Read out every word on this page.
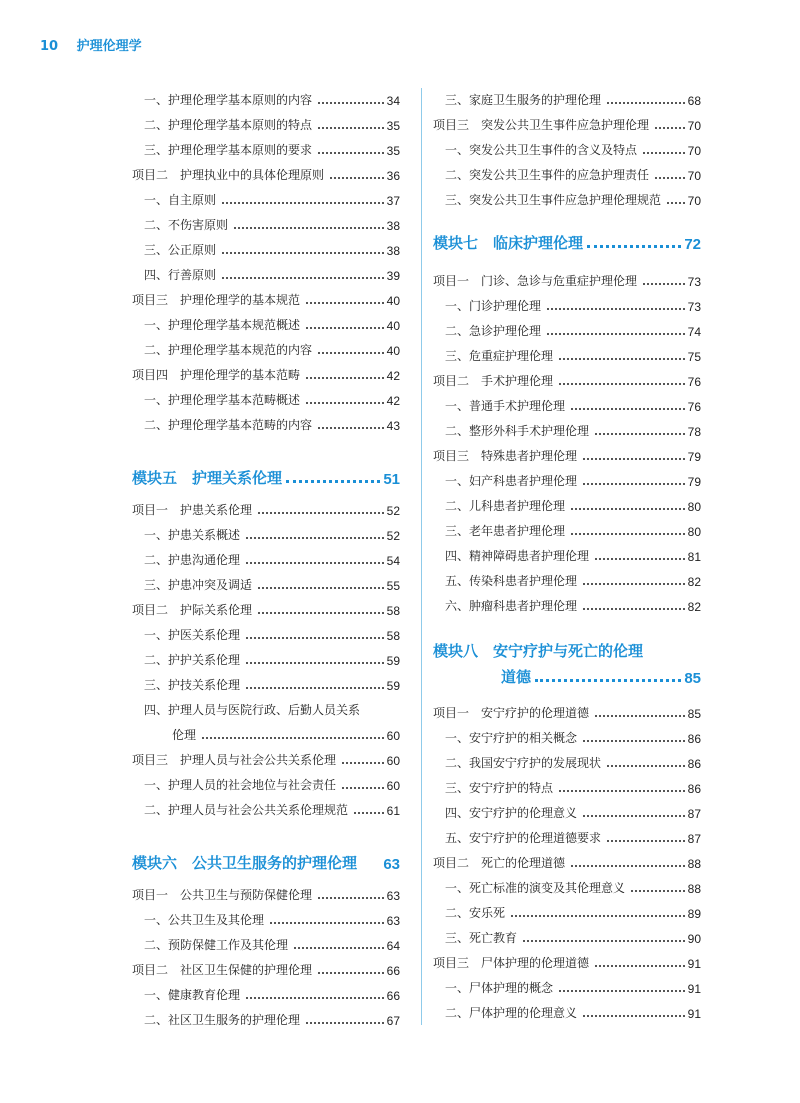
10 护理伦理学
一、护理伦理学基本原则的内容	34
二、护理伦理学基本原则的特点	35
三、护理伦理学基本原则的要求	35
项目二　护理执业中的具体伦理原则	36
一、自主原则	37
二、不伤害原则	38
三、公正原则	38
四、行善原则	39
项目三　护理伦理学的基本规范	40
一、护理伦理学基本规范概述	40
二、护理伦理学基本规范的内容	40
项目四　护理伦理学的基本范畴	42
一、护理伦理学基本范畴概述	42
二、护理伦理学基本范畴的内容	43
模块五　护理关系伦理	51
项目一　护患关系伦理	52
一、护患关系概述	52
二、护患沟通伦理	54
三、护患冲突及调适	55
项目二　护际关系伦理	58
一、护医关系伦理	58
二、护护关系伦理	59
三、护技关系伦理	59
四、护理人员与医院行政、后勤人员关系
伦理	60
项目三　护理人员与社会公共关系伦理	60
一、护理人员的社会地位与社会责任	60
二、护理人员与社会公共关系伦理规范	61
模块六　公共卫生服务的护理伦理 63
项目一　公共卫生与预防保健伦理	63
一、公共卫生及其伦理	63
二、预防保健工作及其伦理	64
项目二　社区卫生保健的护理伦理	66
一、健康教育伦理	66
二、社区卫生服务的护理伦理	67
三、家庭卫生服务的护理伦理	68
项目三　突发公共卫生事件应急护理伦理	70
一、突发公共卫生事件的含义及特点	70
二、突发公共卫生事件的应急护理责任	70
三、突发公共卫生事件应急护理伦理规范 70
模块七　临床护理伦理	72
项目一　门诊、急诊与危重症护理伦理	73
一、门诊护理伦理	73
二、急诊护理伦理	74
三、危重症护理伦理	75
项目二　手术护理伦理	76
一、普通手术护理伦理	76
二、整形外科手术护理伦理	78
项目三　特殊患者护理伦理	79
一、妇产科患者护理伦理	79
二、儿科患者护理伦理	80
三、老年患者护理伦理	80
四、精神障碍患者护理伦理	81
五、传染科患者护理伦理	82
六、肿瘤科患者护理伦理	82
模块八　安宁疗护与死亡的伦理
道德	85
项目一　安宁疗护的伦理道德	85
一、安宁疗护的相关概念	86
二、我国安宁疗护的发展现状	86
三、安宁疗护的特点	86
四、安宁疗护的伦理意义	87
五、安宁疗护的伦理道德要求	87
项目二　死亡的伦理道德	88
一、死亡标准的演变及其伦理意义	88
二、安乐死	89
三、死亡教育	90
项目三　尸体护理的伦理道德	91
一、尸体护理的概念	91
二、尸体护理的伦理意义	91
